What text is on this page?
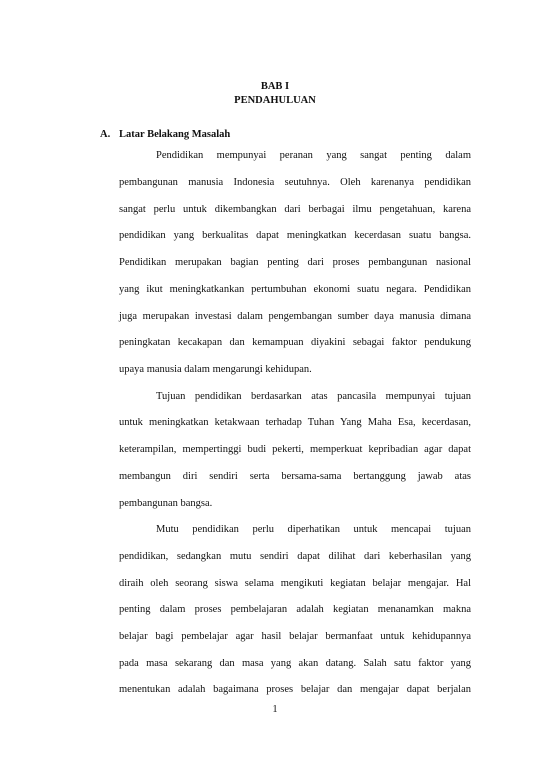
BAB I
PENDAHULUAN
A. Latar Belakang Masalah
Pendidikan mempunyai peranan yang sangat penting dalam
pembangunan manusia Indonesia seutuhnya. Oleh karenanya pendidikan
sangat perlu untuk dikembangkan dari berbagai ilmu pengetahuan, karena
pendidikan yang berkualitas dapat meningkatkan kecerdasan suatu bangsa.
Pendidikan merupakan bagian penting dari proses pembangunan nasional
yang ikut meningkatkankan pertumbuhan ekonomi suatu negara. Pendidikan
juga merupakan investasi dalam pengembangan sumber daya manusia dimana
peningkatan kecakapan dan kemampuan diyakini sebagai faktor pendukung
upaya manusia dalam mengarungi kehidupan.
Tujuan pendidikan berdasarkan atas pancasila mempunyai tujuan
untuk meningkatkan ketakwaan terhadap Tuhan Yang Maha Esa, kecerdasan,
keterampilan, mempertinggi budi pekerti, memperkuat kepribadian agar dapat
membangun diri sendiri serta bersama-sama bertanggung jawab atas
pembangunan bangsa.
Mutu pendidikan perlu diperhatikan untuk mencapai tujuan
pendidikan, sedangkan mutu sendiri dapat dilihat dari keberhasilan yang
diraih oleh seorang siswa selama mengikuti kegiatan belajar mengajar. Hal
penting dalam proses pembelajaran adalah kegiatan menanamkan makna
belajar bagi pembelajar agar hasil belajar bermanfaat untuk kehidupannya
pada masa sekarang dan masa yang akan datang. Salah satu faktor yang
menentukan adalah bagaimana proses belajar dan mengajar dapat berjalan
1
